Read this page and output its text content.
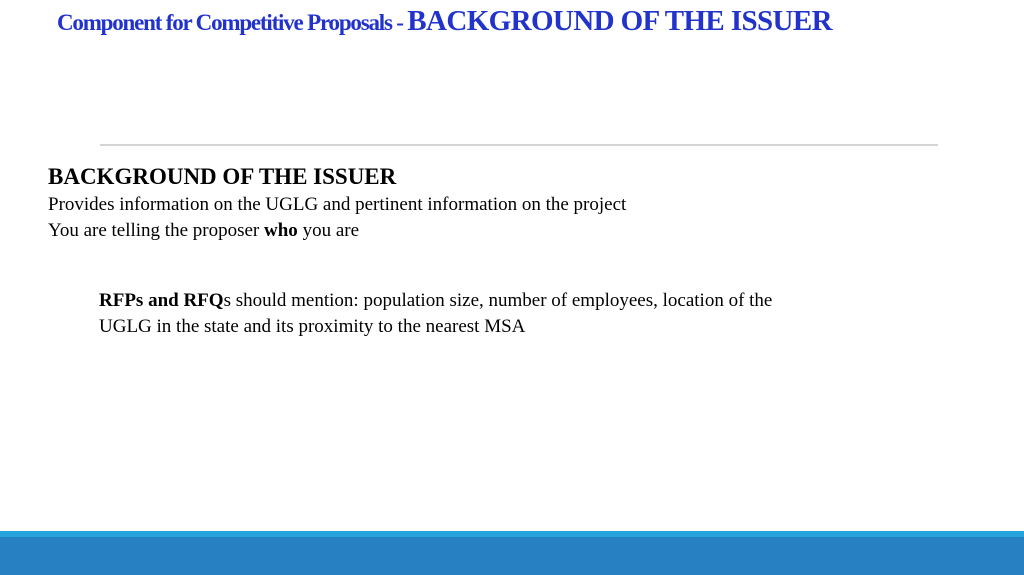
Component for Competitive Proposals - BACKGROUND OF THE ISSUER

BACKGROUND OF THE ISSUER

Provides information on the UGLG and pertinent information on the project

You are telling the proposer who you are

RFPs and RFQs should mention: population size, number of employees, location of the UGLG in the state and its proximity to the nearest MSA
